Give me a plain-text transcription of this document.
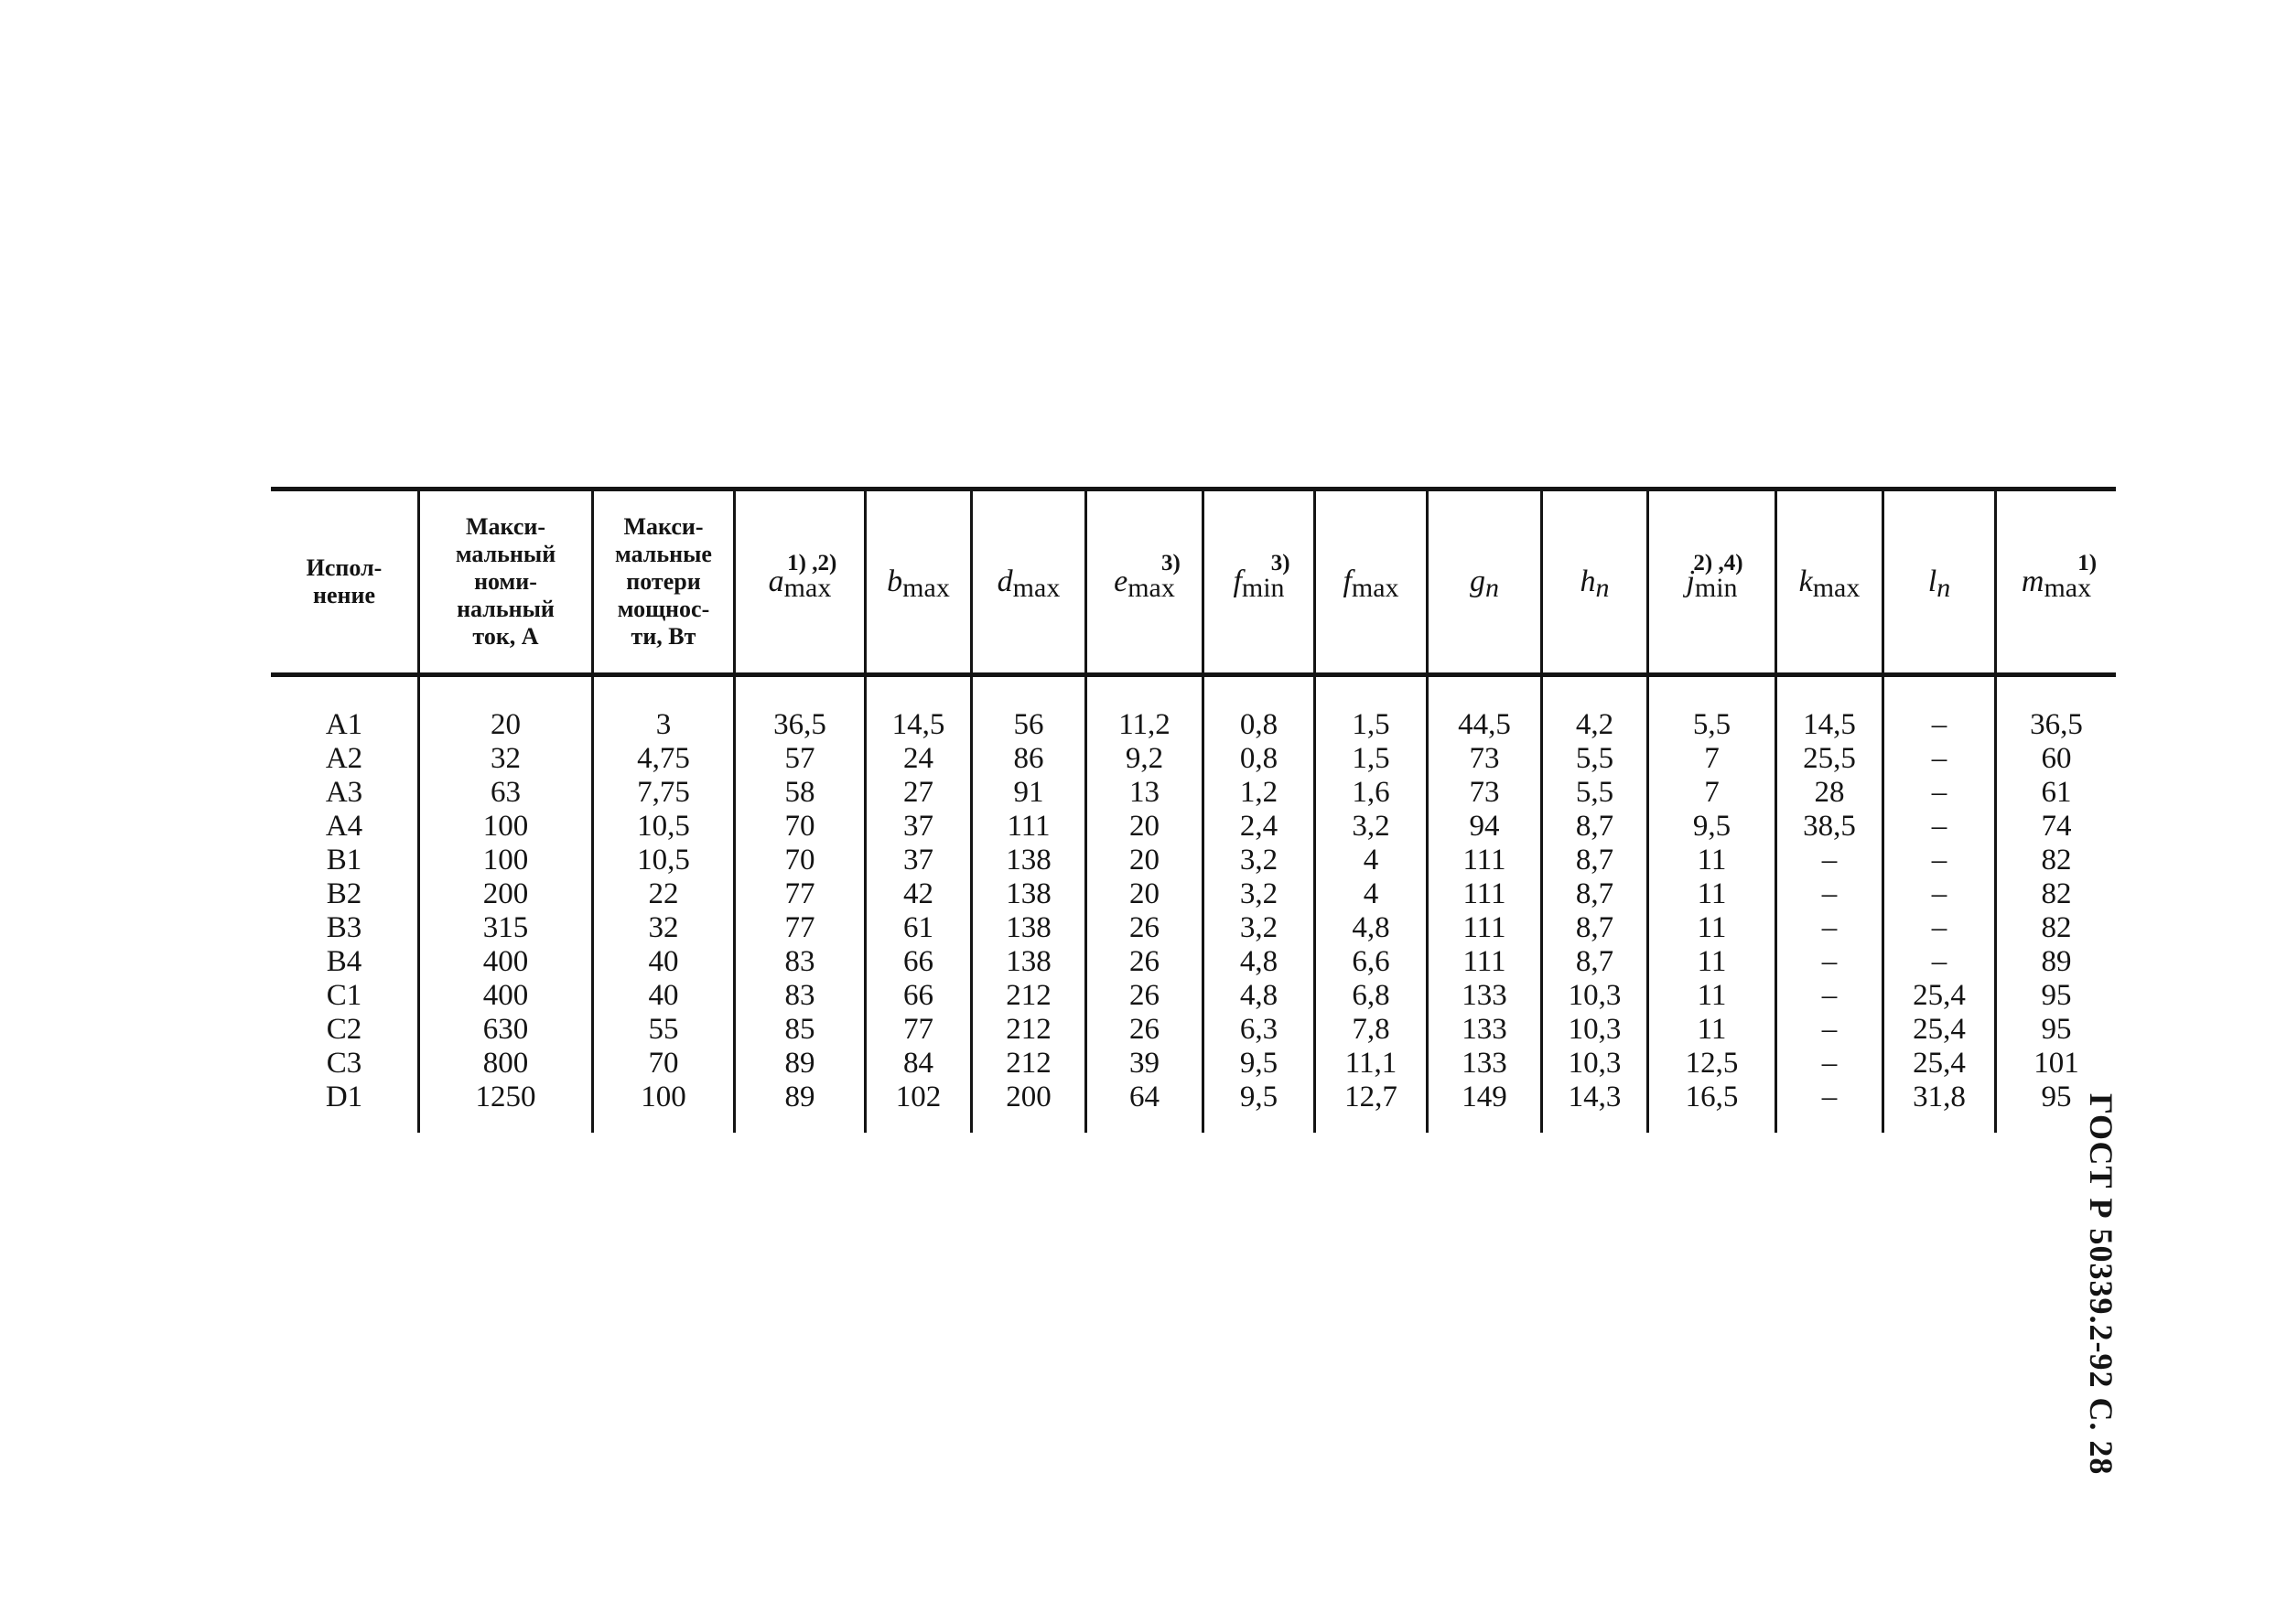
Испол-
нение
Макси-
мальный
номи-
нальный
ток, А
Макси-
мальные
потери
мощнос-
ти, Вт
amax
1) ,2)
bmax dmax emax
3)
fmin
3)
fmax gn	hn jmin
2) ,4)
kmax ln mmax
1)
A1
A2
A3
A4
B1
B2
B3
B4
C1
C2
C3
D1
20
32
63
100
100
200
315
400
400
630
800
1250
3
4,75
7,75
10,5
10,5
22
32
40
40
55
70
100
36,5
57
58
70
70
77
77
83
83
85
89
89
14,5
24
27
37
37
42
61
66
66
77
84
102
56
86
91
111
138
138
138
138
212
212
212
200
11,2
9,2
13
20
20
20
26
26
26
26
39
64
0,8
0,8
1,2
2,4
3,2
3,2
3,2
4,8
4,8
6,3
9,5
9,5
1,5
1,5
1,6
3,2
4
4
4,8
6,6
6,8
7,8
11,1
12,7
44,5
73
73
94
111
111
111
111
133
133
133
149
4,2
5,5
5,5
8,7
8,7
8,7
8,7
8,7
10,3
10,3
10,3
14,3
5,5
7
7
9,5
11
11
11
11
11
11
12,5
16,5
14,5
25,5
28
38,5
–
–
–
–
–
–
–
–
–
–
–
–
–
–
–
–
25,4
25,4
25,4
31,8
36,5
60
61
74
82
82
82
89
95
95
101
95 ГОСТ Р 50339.2-92 С. 28
